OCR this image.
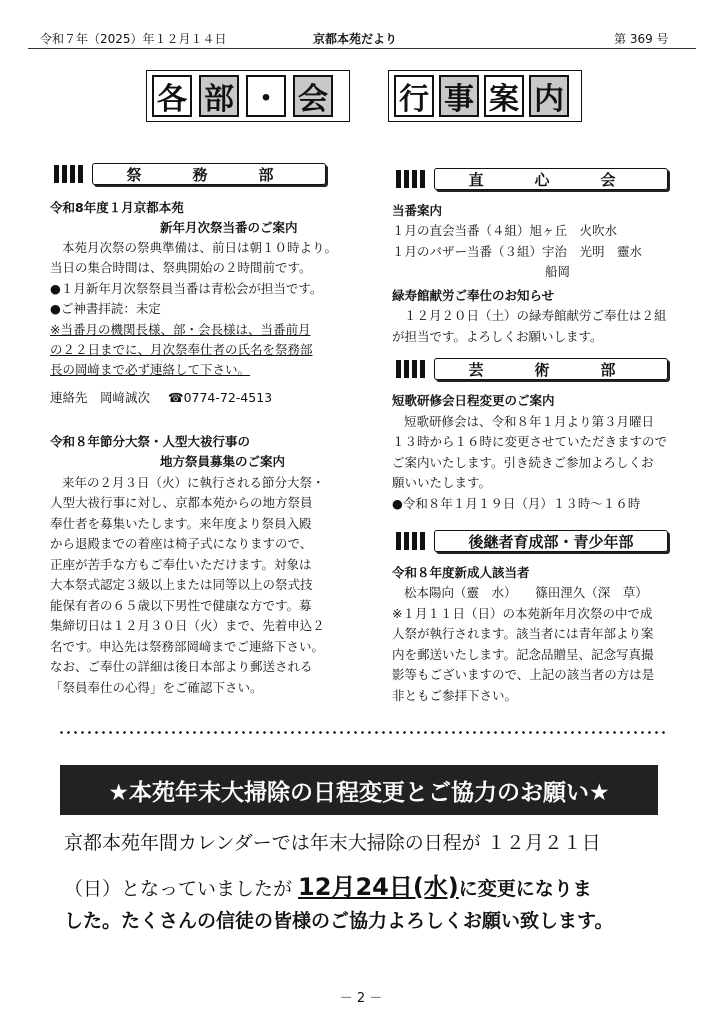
令和７年（2025）年１２月１４日	京都本苑だより	第 369 号
各 部 ・ 会 行 事 案 内
祭　務　部
令和8年度１月京都本苑
新年月次祭当番のご案内
本苑月次祭の祭典準備は、前日は朝１０時より。
当日の集合時間は、祭典開始の２時間前です。
●１月新年月次祭祭員当番は青松会が担当です。
●ご神書拝読：未定
※当番月の機関長様、部・会長様は、当番前月
の２２日までに、月次祭奉仕者の氏名を祭務部
長の岡﨑まで必ず連絡して下さい。
連絡先　岡﨑誠次 ☎0774-72-4513
令和８年節分大祭・人型大祓行事の
地方祭員募集のご案内
来年の２月３日（火）に執行される節分大祭・
人型大祓行事に対し、京都本苑からの地方祭員
奉仕者を募集いたします。来年度より祭員入殿
から退殿までの着座は椅子式になりますので、
正座が苦手な方もご奉仕いただけます。対象は
大本祭式認定３級以上または同等以上の祭式技
能保有者の６５歳以下男性で健康な方です。募
集締切日は１２月３０日（火）まで、先着申込２
名です。申込先は祭務部岡﨑までご連絡下さい。
なお、ご奉仕の詳細は後日本部より郵送される
「祭員奉仕の心得」をご確認下さい。
直　心　会
当番案内
１月の直会当番（４組）旭ヶ丘　火吹水
１月のバザー当番（３組）宇治　光明　靈水
船岡
緑寿館献労ご奉仕のお知らせ
１２月２０日（土）の緑寿館献労ご奉仕は２組
が担当です。よろしくお願いします。
芸　術　部
短歌研修会日程変更のご案内
短歌研修会は、令和８年１月より第３月曜日
１３時から１６時に変更させていただきますので
ご案内いたします。引き続きご参加よろしくお
願いいたします。
●令和８年１月１９日（月）１３時～１６時
後継者育成部・青少年部
令和８年度新成人該当者
松本陽向（靈　水）　　篠田浬久（深　草）
※１月１１日（日）の本苑新年月次祭の中で成
人祭が執行されます。該当者には青年部より案
内を郵送いたします。記念品贈呈、記念写真撮
影等もございますので、上記の該当者の方は是
非ともご参拝下さい。
★本苑年末大掃除の日程変更とご協力のお願い★
京都本苑年間カレンダーでは年末大掃除の日程が １２月２１日
（日）となっていましたが 12月24日(水)に変更になりま
した。たくさんの信徒の皆様のご協力よろしくお願い致します。
－ 2 －
